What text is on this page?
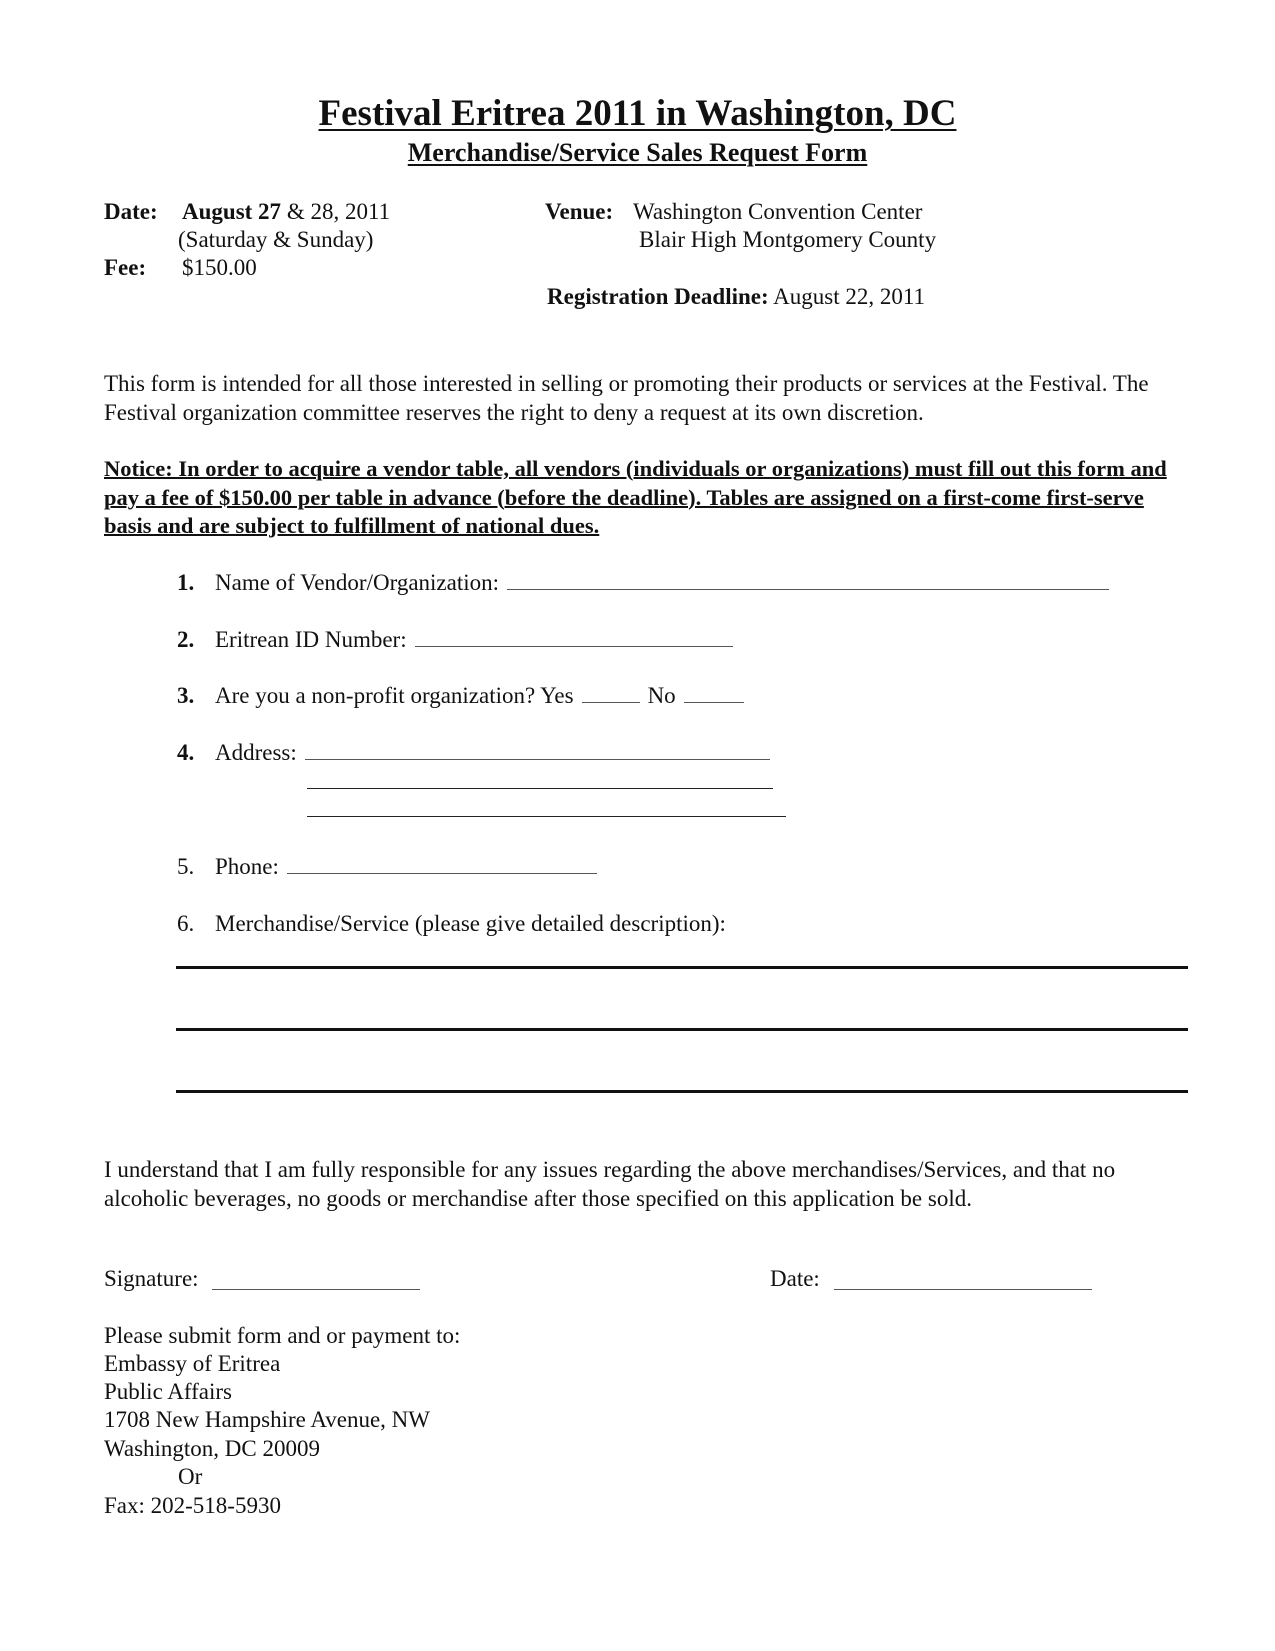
Festival Eritrea 2011 in Washington, DC
Merchandise/Service Sales Request Form
Date: August 27 & 28, 2011
(Saturday & Sunday)
Fee: $150.00
Venue: Washington Convention Center
Blair High Montgomery County
Registration Deadline: August 22, 2011
This form is intended for all those interested in selling or promoting their products or services at the Festival. The Festival organization committee reserves the right to deny a request at its own discretion.
Notice: In order to acquire a vendor table, all vendors (individuals or organizations) must fill out this form and pay a fee of $150.00 per table in advance (before the deadline). Tables are assigned on a first-come first-serve basis and are subject to fulfillment of national dues.
1. Name of Vendor/Organization:
2. Eritrean ID Number:
3. Are you a non-profit organization? Yes	No
4. Address:
5. Phone:
6. Merchandise/Service (please give detailed description):
I understand that I am fully responsible for any issues regarding the above merchandises/Services, and that no alcoholic beverages, no goods or merchandise after those specified on this application be sold.
Signature:	Date:
Please submit form and or payment to:
Embassy of Eritrea
Public Affairs
1708 New Hampshire Avenue, NW
Washington, DC 20009
Or
Fax: 202-518-5930
